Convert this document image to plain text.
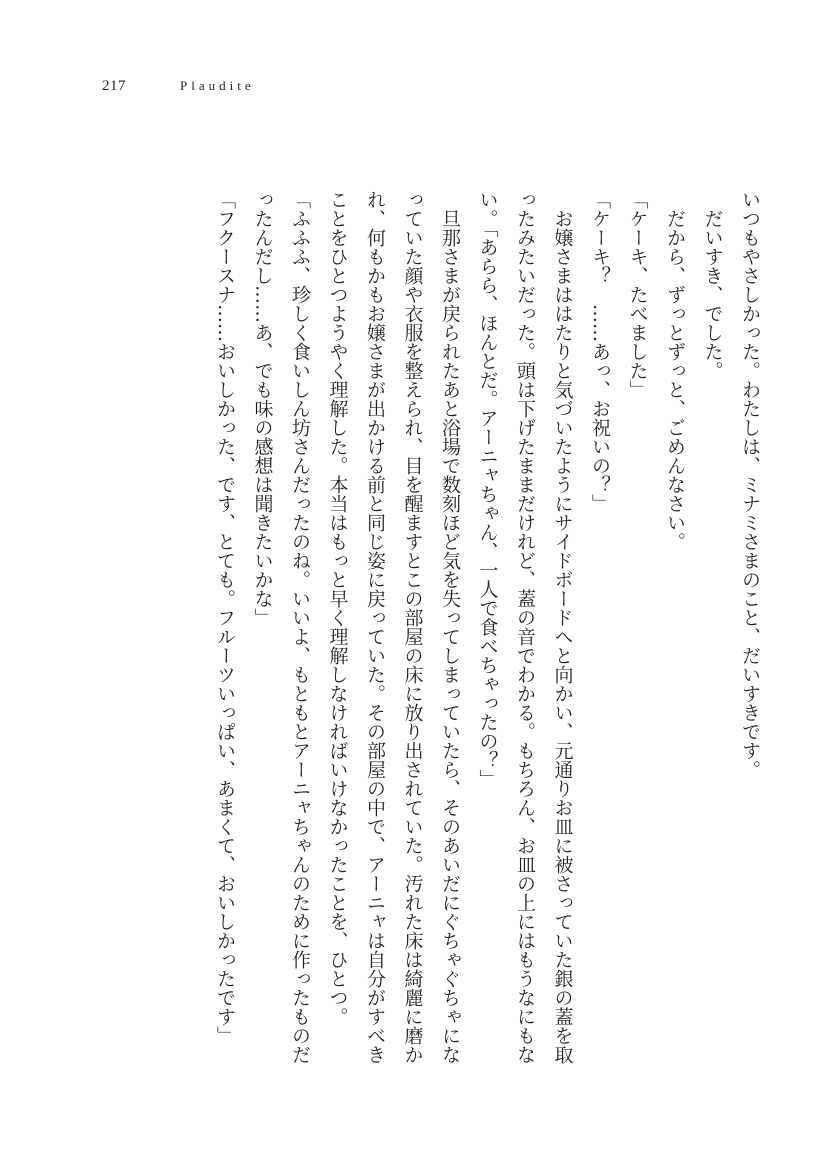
217	Plaudite

いつもやさしかった。わたしは、ミナミさまのこと、だいすきです。

だいすき、でした。

だから、ずっとずっと、ごめんなさい。

「ケーキ、たべました」

「ケーキ？　……あっ、お祝いの？」

お嬢さまははたりと気づいたようにサイドボードへと向かい、元通りお皿に被さっていた銀の蓋を取ったみたいだった。頭は下げたままだけれど、蓋の音でわかる。もちろん、お皿の上にはもうなにもない。「あらら、ほんとだ。アーニャちゃん、一人で食べちゃったの？」

旦那さまが戻られたあと浴場で数刻ほど気を失ってしまっていたら、そのあいだにぐちゃぐちゃになっていた顔や衣服を整えられ、目を醒ますとこの部屋の床に放り出されていた。汚れた床は綺麗に磨かれ、何もかもお嬢さまが出かける前と同じ姿に戻っていた。その部屋の中で、アーニャは自分がすべきことをひとつようやく理解した。本当はもっと早く理解しなければいけなかったことを、ひとつ。

「ふふふ、珍しく食いしん坊さんだったのね。いいよ、もともとアーニャちゃんのために作ったものだったんだし……あ、でも味の感想は聞きたいかな」

「フクースナ……おいしかった、です、とても。フルーツいっぱい、あまくて、おいしかったです」
